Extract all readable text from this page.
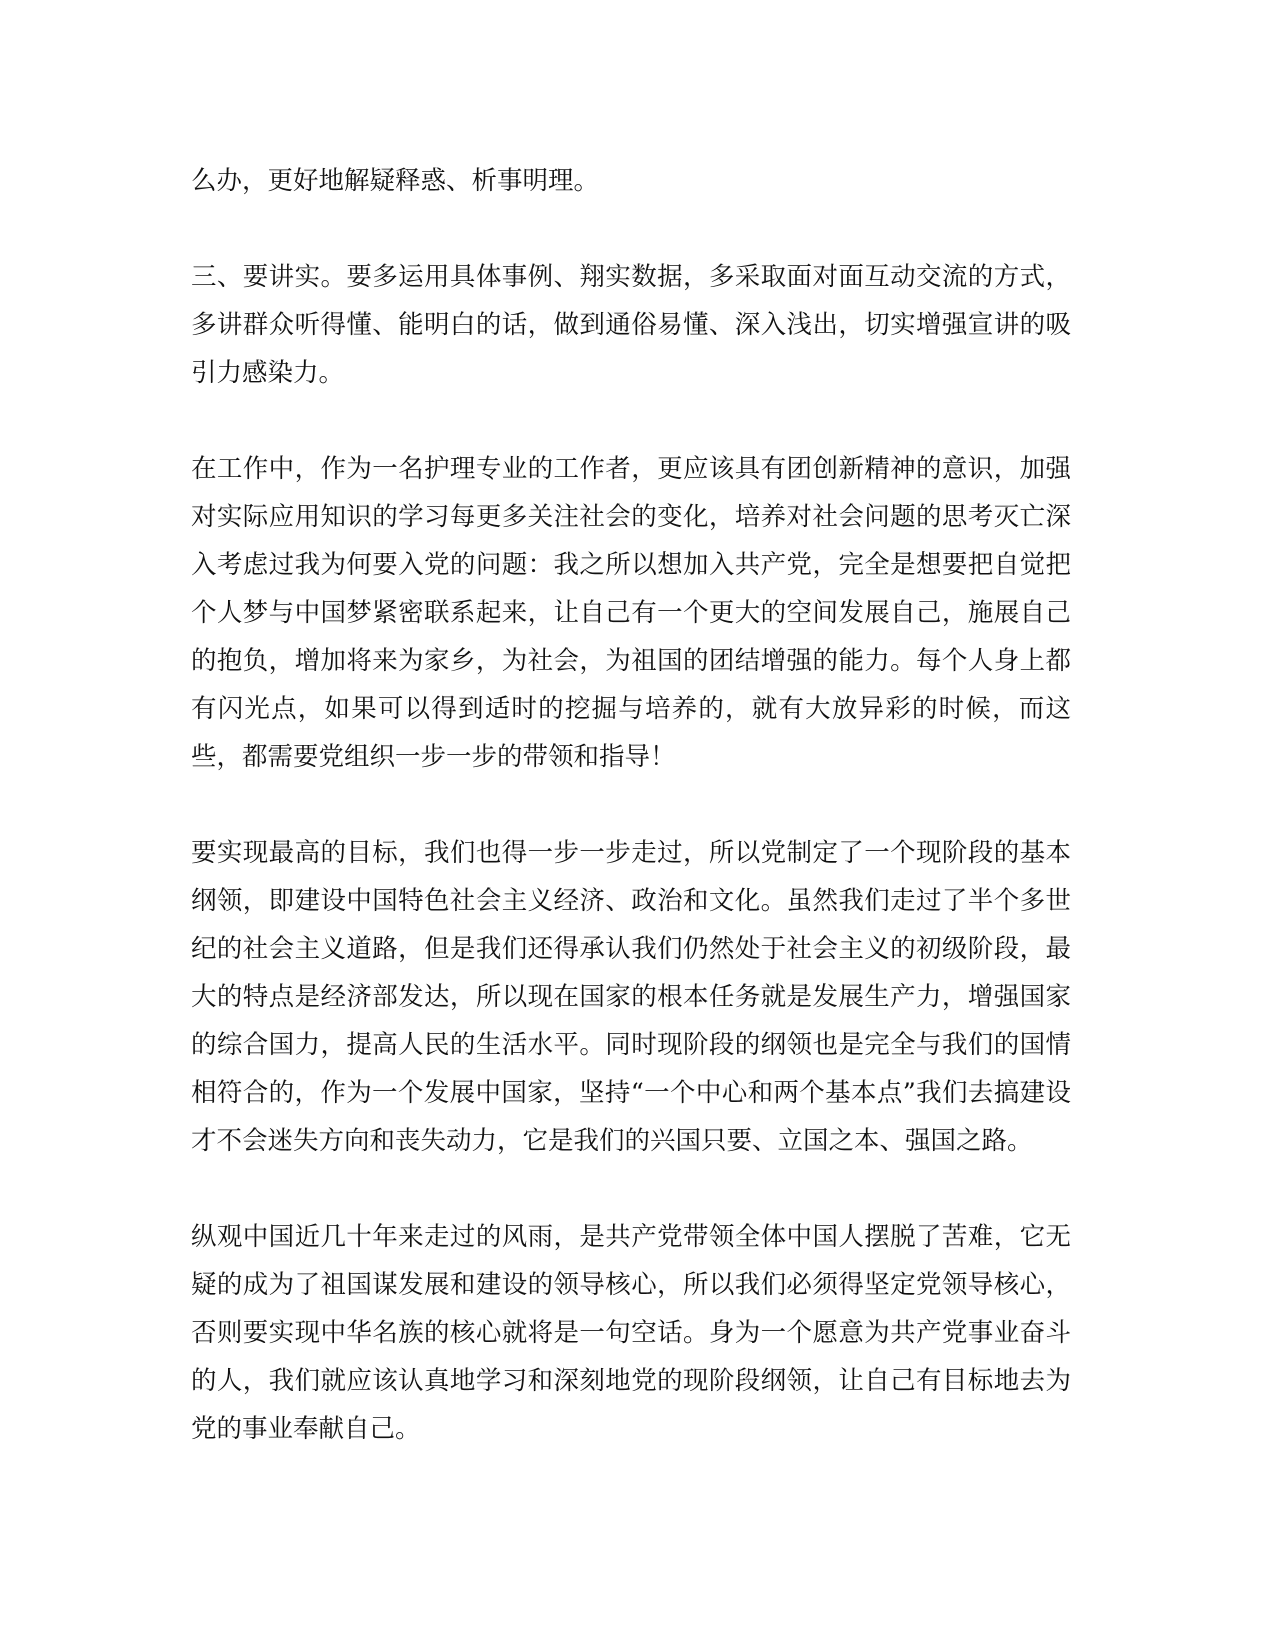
么办，更好地解疑释惑、析事明理。

三、要讲实。要多运用具体事例、翔实数据，多采取面对面互动交流的方式，多讲群众听得懂、能明白的话，做到通俗易懂、深入浅出，切实增强宣讲的吸引力感染力。

在工作中，作为一名护理专业的工作者，更应该具有团创新精神的意识，加强对实际应用知识的学习每更多关注社会的变化，培养对社会问题的思考灭亡深入考虑过我为何要入党的问题：我之所以想加入共产党，完全是想要把自觉把个人梦与中国梦紧密联系起来，让自己有一个更大的空间发展自己，施展自己的抱负，增加将来为家乡，为社会，为祖国的团结增强的能力。每个人身上都有闪光点，如果可以得到适时的挖掘与培养的，就有大放异彩的时候，而这些，都需要党组织一步一步的带领和指导！

要实现最高的目标，我们也得一步一步走过，所以党制定了一个现阶段的基本纲领，即建设中国特色社会主义经济、政治和文化。虽然我们走过了半个多世纪的社会主义道路，但是我们还得承认我们仍然处于社会主义的初级阶段，最大的特点是经济部发达，所以现在国家的根本任务就是发展生产力，增强国家的综合国力，提高人民的生活水平。同时现阶段的纲领也是完全与我们的国情相符合的，作为一个发展中国家，坚持“一个中心和两个基本点”我们去搞建设才不会迷失方向和丧失动力，它是我们的兴国只要、立国之本、强国之路。

纵观中国近几十年来走过的风雨，是共产党带领全体中国人摆脱了苦难，它无疑的成为了祖国谋发展和建设的领导核心，所以我们必须得坚定党领导核心，否则要实现中华名族的核心就将是一句空话。身为一个愿意为共产党事业奋斗的人，我们就应该认真地学习和深刻地党的现阶段纲领，让自己有目标地去为党的事业奉献自己。
